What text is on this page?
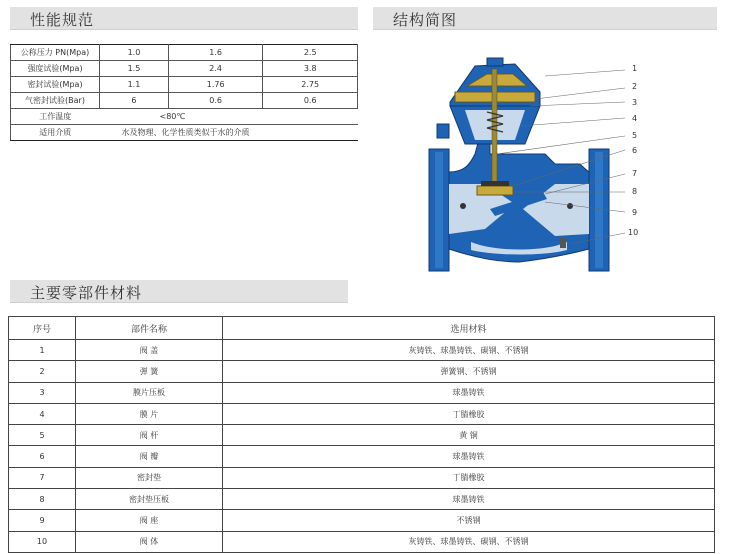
性能规范	结构简图
主要零部件材料
公称压力 PN(Mpa)	1.0	1.6	2.5
强度试验(Mpa)	1.5	2.4	3.8
密封试验(Mpa)	1.1	1.76	2.75
气密封试验(Bar)	6	0.6	0.6
工作温度	<80℃		
适用介质	水及物理、化学性质类似于水的介质		
1
2
3
4
5
6
7
8
9
10
序号	部件名称	选用材料
1	阀 盖	灰铸铁、球墨铸铁、碳钢、不锈钢
2	弹 簧	弹簧钢、不锈钢
3	膜片压板	球墨铸铁
4	膜 片	丁腈橡胶
5	阀 杆	黄 铜
6	阀 瓣	球墨铸铁
7	密封垫	丁腈橡胶
8	密封垫压板	球墨铸铁
9	阀 座	不锈钢
10	阀 体	灰铸铁、球墨铸铁、碳钢、不锈钢
